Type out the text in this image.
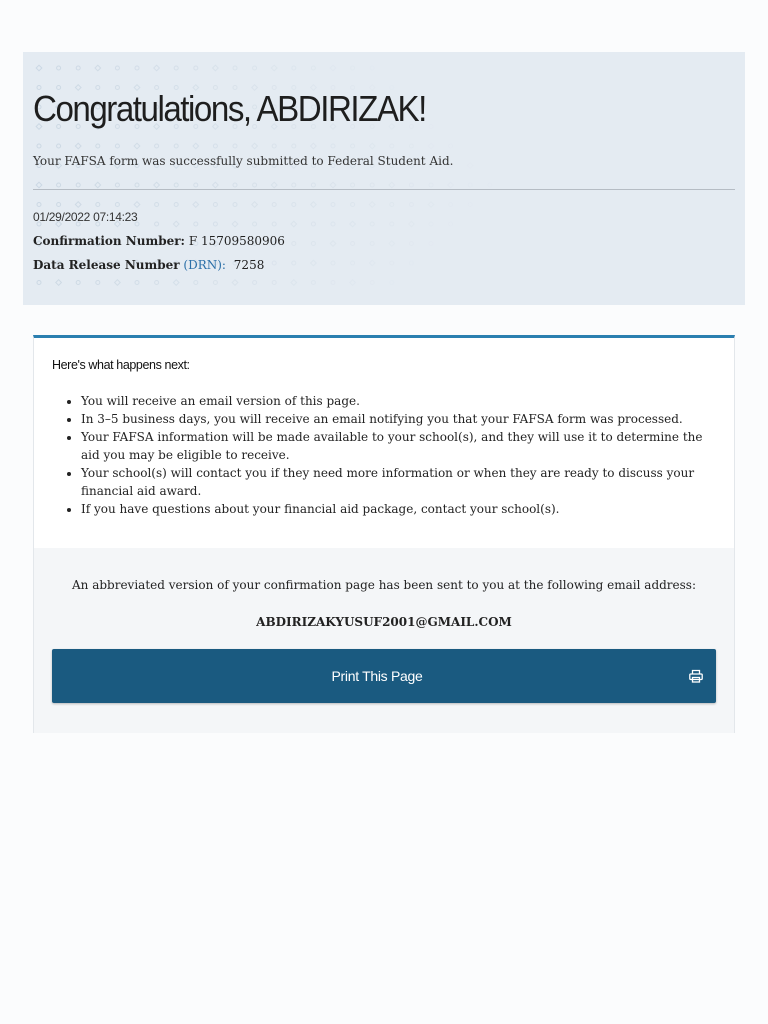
Congratulations, ABDIRIZAK!

Your FAFSA form was successfully submitted to Federal Student Aid.

01/29/2022 07:14:23
Confirmation Number: F 15709580906
Data Release Number (DRN): 7258
Here's what happens next:
• You will receive an email version of this page.
• In 3–5 business days, you will receive an email notifying you that your FAFSA form was processed.
• Your FAFSA information will be made available to your school(s), and they will use it to determine the aid you may be eligible to receive.
• Your school(s) will contact you if they need more information or when they are ready to discuss your financial aid award.
• If you have questions about your financial aid package, contact your school(s).

An abbreviated version of your confirmation page has been sent to you at the following email address:

ABDIRIZAKYUSUF2001@GMAIL.COM

Print This Page
